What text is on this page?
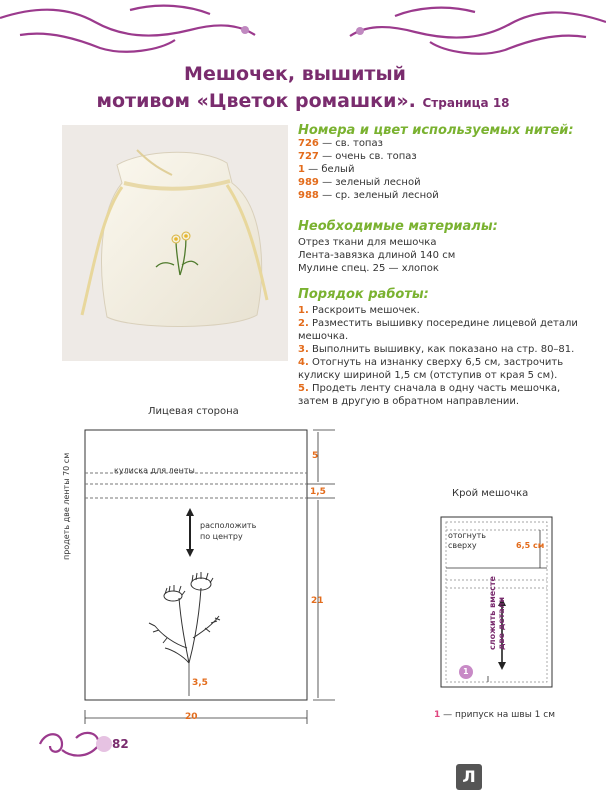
Мешочек, вышитый
мотивом «Цветок ромашки». Страница 18
Номера и цвет используемых нитей:
726 — св. топаз
727 — очень св. топаз
1 — белый
989 — зеленый лесной
988 — ср. зеленый лесной
Необходимые материалы:
Отрез ткани для мешочка
Лента-завязка длиной 140 см
Мулине спец. 25 — хлопок
Порядок работы:
1. Раскроить мешочек.
2. Разместить вышивку посередине лицевой детали
мешочка.
3. Выполнить вышивку, как показано на стр. 80–81.
4. Отогнуть на изнанку сверху 6,5 см, застрочить
кулиску шириной 1,5 см (отступив от края 5 см).
5. Продеть ленту сначала в одну часть мешочка,
затем в другую в обратном направлении.
Лицевая сторона
продеть две ленты 70 см	кулиска для ленты
расположить
по центру
5
1,5
21
20
3,5
Крой мешочка
отогнуть
сверху	6,5 см
сложить вместе
две детали
1
1 — припуск на швы 1 см
82
Л
